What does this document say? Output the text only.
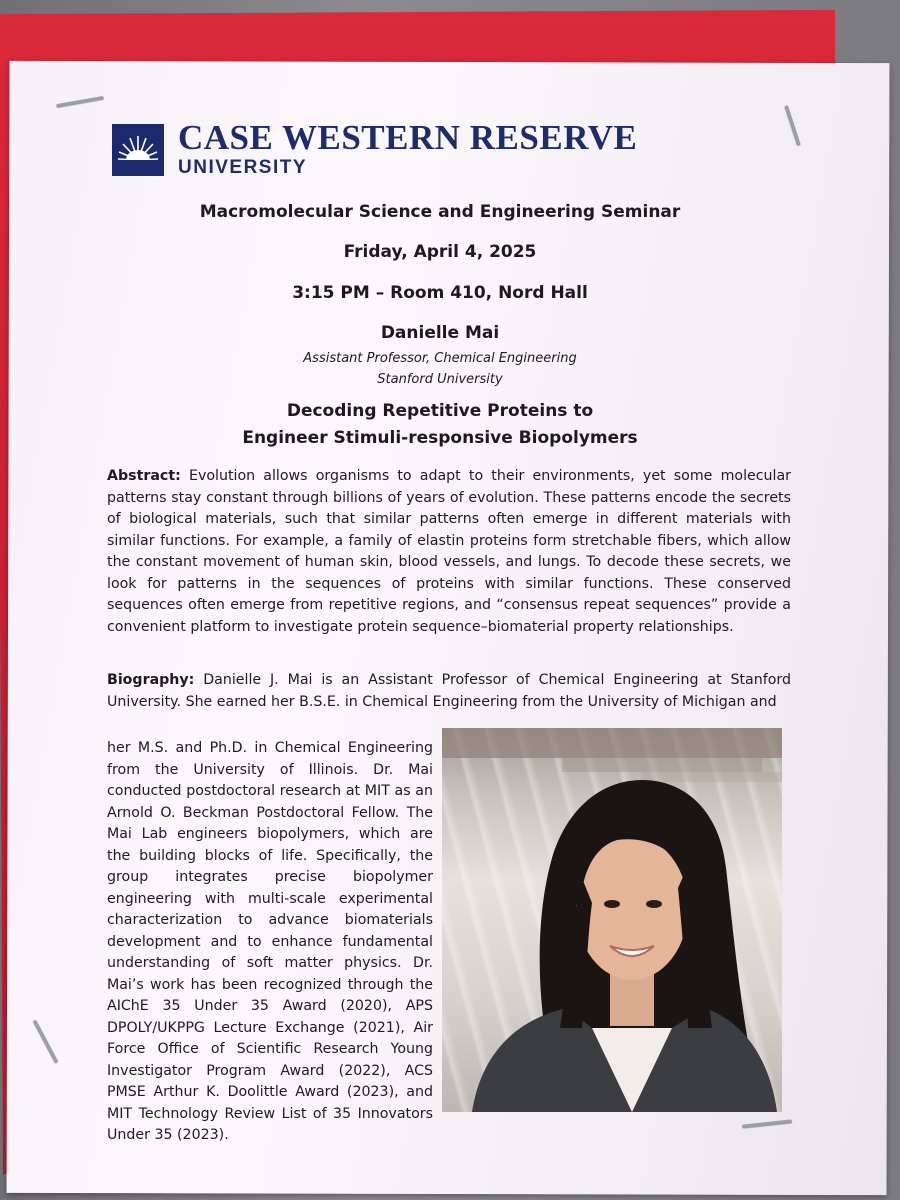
CASE WESTERN RESERVE
UNIVERSITY
Macromolecular Science and Engineering Seminar
Friday, April 4, 2025
3:15 PM – Room 410, Nord Hall
Danielle Mai
Assistant Professor, Chemical Engineering
Stanford University
Decoding Repetitive Proteins to
Engineer Stimuli-responsive Biopolymers
Abstract: Evolution allows organisms to adapt to their environments, yet some molecular patterns stay constant through billions of years of evolution. These patterns encode the secrets of biological materials, such that similar patterns often emerge in different materials with similar functions. For example, a family of elastin proteins form stretchable fibers, which allow the constant movement of human skin, blood vessels, and lungs. To decode these secrets, we look for patterns in the sequences of proteins with similar functions. These conserved sequences often emerge from repetitive regions, and “consensus repeat sequences” provide a convenient platform to investigate protein sequence–biomaterial property relationships.
Biography: Danielle J. Mai is an Assistant Professor of Chemical Engineering at Stanford University. She earned her B.S.E. in Chemical Engineering from the University of Michigan and
her M.S. and Ph.D. in Chemical Engineering from the University of Illinois. Dr. Mai conducted postdoctoral research at MIT as an Arnold O. Beckman Postdoctoral Fellow. The Mai Lab engineers biopolymers, which are the building blocks of life. Specifically, the group integrates precise biopolymer engineering with multi-scale experimental characterization to advance biomaterials development and to enhance fundamental understanding of soft matter physics. Dr. Mai’s work has been recognized through the AIChE 35 Under 35 Award (2020), APS DPOLY/UKPPG Lecture Exchange (2021), Air Force Office of Scientific Research Young Investigator Program Award (2022), ACS PMSE Arthur K. Doolittle Award (2023), and MIT Technology Review List of 35 Innovators Under 35 (2023).
